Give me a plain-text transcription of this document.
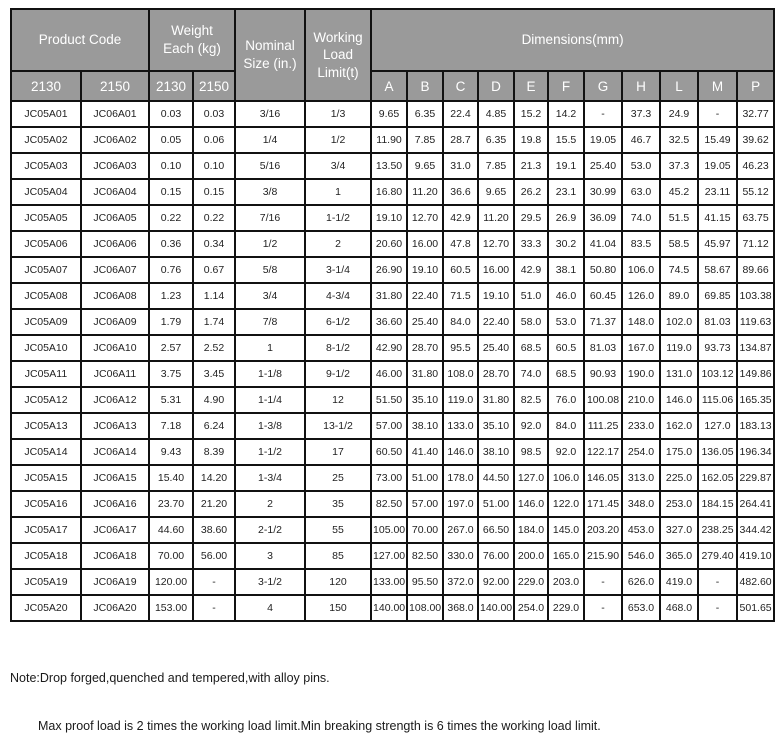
Product Code		Weight Each (kg)		Nominal Size (in.)	Working Load Limit(t)	Dimensions(mm)										
2130	2150	2130	2150			A	B	C	D	E	F	G	H	L	M	P
JC05A01	JC06A01	0.03	0.03	3/16	1/3	9.65	6.35	22.4	4.85	15.2	14.2	-	37.3	24.9	-	32.77
JC05A02	JC06A02	0.05	0.06	1/4	1/2	11.90	7.85	28.7	6.35	19.8	15.5	19.05	46.7	32.5	15.49	39.62
JC05A03	JC06A03	0.10	0.10	5/16	3/4	13.50	9.65	31.0	7.85	21.3	19.1	25.40	53.0	37.3	19.05	46.23
JC05A04	JC06A04	0.15	0.15	3/8	1	16.80	11.20	36.6	9.65	26.2	23.1	30.99	63.0	45.2	23.11	55.12
JC05A05	JC06A05	0.22	0.22	7/16	1-1/2	19.10	12.70	42.9	11.20	29.5	26.9	36.09	74.0	51.5	41.15	63.75
JC05A06	JC06A06	0.36	0.34	1/2	2	20.60	16.00	47.8	12.70	33.3	30.2	41.04	83.5	58.5	45.97	71.12
JC05A07	JC06A07	0.76	0.67	5/8	3-1/4	26.90	19.10	60.5	16.00	42.9	38.1	50.80	106.0	74.5	58.67	89.66
JC05A08	JC06A08	1.23	1.14	3/4	4-3/4	31.80	22.40	71.5	19.10	51.0	46.0	60.45	126.0	89.0	69.85	103.38
JC05A09	JC06A09	1.79	1.74	7/8	6-1/2	36.60	25.40	84.0	22.40	58.0	53.0	71.37	148.0	102.0	81.03	119.63
JC05A10	JC06A10	2.57	2.52	1	8-1/2	42.90	28.70	95.5	25.40	68.5	60.5	81.03	167.0	119.0	93.73	134.87
JC05A11	JC06A11	3.75	3.45	1-1/8	9-1/2	46.00	31.80	108.0	28.70	74.0	68.5	90.93	190.0	131.0	103.12	149.86
JC05A12	JC06A12	5.31	4.90	1-1/4	12	51.50	35.10	119.0	31.80	82.5	76.0	100.08	210.0	146.0	115.06	165.35
JC05A13	JC06A13	7.18	6.24	1-3/8	13-1/2	57.00	38.10	133.0	35.10	92.0	84.0	111.25	233.0	162.0	127.0	183.13
JC05A14	JC06A14	9.43	8.39	1-1/2	17	60.50	41.40	146.0	38.10	98.5	92.0	122.17	254.0	175.0	136.05	196.34
JC05A15	JC06A15	15.40	14.20	1-3/4	25	73.00	51.00	178.0	44.50	127.0	106.0	146.05	313.0	225.0	162.05	229.87
JC05A16	JC06A16	23.70	21.20	2	35	82.50	57.00	197.0	51.00	146.0	122.0	171.45	348.0	253.0	184.15	264.41
JC05A17	JC06A17	44.60	38.60	2-1/2	55	105.00	70.00	267.0	66.50	184.0	145.0	203.20	453.0	327.0	238.25	344.42
JC05A18	JC06A18	70.00	56.00	3	85	127.00	82.50	330.0	76.00	200.0	165.0	215.90	546.0	365.0	279.40	419.10
JC05A19	JC06A19	120.00	-	3-1/2	120	133.00	95.50	372.0	92.00	229.0	203.0	-	626.0	419.0	-	482.60
JC05A20	JC06A20	153.00	-	4	150	140.00	108.00	368.0	140.00	254.0	229.0	-	653.0	468.0	-	501.65

Note:Drop forged,quenched and tempered,with alloy pins.

Max proof load is 2 times the working load limit.Min breaking strength is 6 times the working load limit.
